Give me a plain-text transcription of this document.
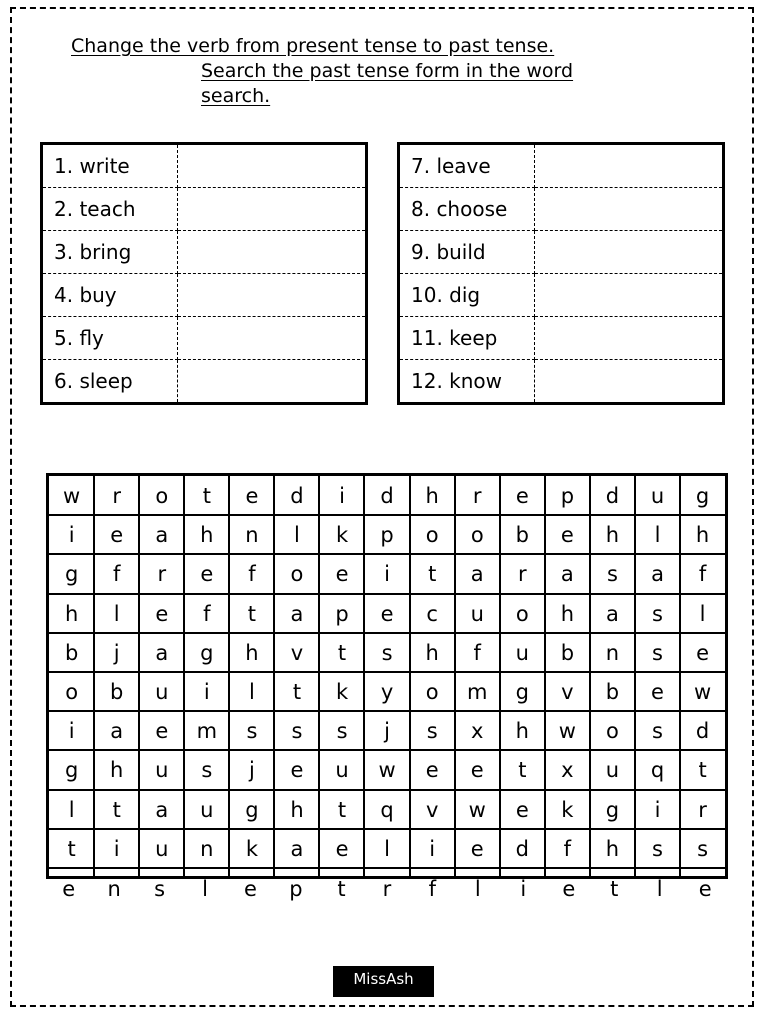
Change the verb from present tense to past tense.
Search the past tense form in the word
search.
1. write	
2. teach	
3. bring	
4. buy	
5. fly	
6. sleep	
7. leave	
8. choose	
9. build	
10. dig	
11. keep	
12. know	
w	r	o	t	e	d	i	d	h	r	e	p	d	u	g
i	e	a	h	n	l	k	p	o	o	b	e	h	l	h
g	f	r	e	f	o	e	i	t	a	r	a	s	a	f
h	l	e	f	t	a	p	e	c	u	o	h	a	s	l
b	j	a	g	h	v	t	s	h	f	u	b	n	s	e
o	b	u	i	l	t	k	y	o	m	g	v	b	e	w
i	a	e	m	s	s	s	j	s	x	h	w	o	s	d
g	h	u	s	j	e	u	w	e	e	t	x	u	q	t
l	t	a	u	g	h	t	q	v	w	e	k	g	i	r
t	i	u	n	k	a	e	l	i	e	d	f	h	s	s
e	n	s	l	e	p	t	r	f	l	i	e	t	l	e
MissAsh
